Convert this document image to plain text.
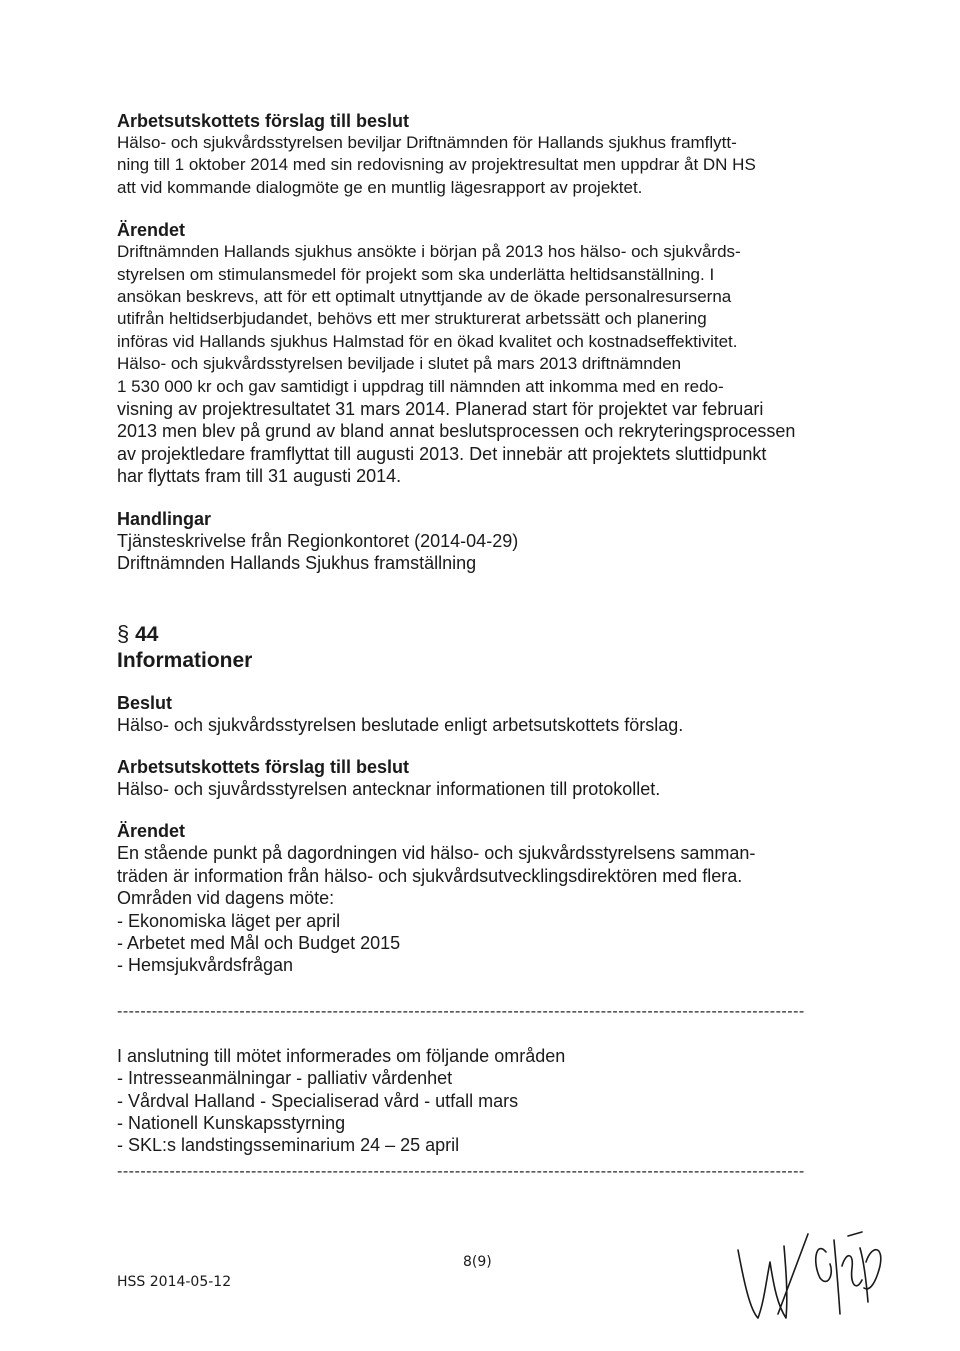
Arbetsutskottets förslag till beslut

Hälso- och sjukvårdsstyrelsen beviljar Driftnämnden för Hallands sjukhus framflytt-

ning till 1 oktober 2014 med sin redovisning av projektresultat men uppdrar åt DN HS

att vid kommande dialogmöte ge en muntlig lägesrapport av projektet.

Ärendet

Driftnämnden Hallands sjukhus ansökte i början på 2013 hos hälso- och sjukvårds-

styrelsen om stimulansmedel för projekt som ska underlätta heltidsanställning. I

ansökan beskrevs, att för ett optimalt utnyttjande av de ökade personalresurserna

utifrån heltidserbjudandet, behövs ett mer strukturerat arbetssätt och planering

införas vid Hallands sjukhus Halmstad för en ökad kvalitet och kostnadseffektivitet.

Hälso- och sjukvårdsstyrelsen beviljade i slutet på mars 2013 driftnämnden

1 530 000 kr och gav samtidigt i uppdrag till nämnden att inkomma med en redo-

visning av projektresultatet 31 mars 2014. Planerad start för projektet var februari

2013 men blev på grund av bland annat beslutsprocessen och rekryteringsprocessen

av projektledare framflyttat till augusti 2013. Det innebär att projektets sluttidpunkt

har flyttats fram till 31 augusti 2014.

Handlingar

Tjänsteskrivelse från Regionkontoret (2014-04-29)

Driftnämnden Hallands Sjukhus framställning

§ 44

Informationer

Beslut

Hälso- och sjukvårdsstyrelsen beslutade enligt arbetsutskottets förslag.

Arbetsutskottets förslag till beslut

Hälso- och sjuvårdsstyrelsen antecknar informationen till protokollet.

Ärendet

En stående punkt på dagordningen vid hälso- och sjukvårdsstyrelsens samman-

träden är information från hälso- och sjukvårdsutvecklingsdirektören med flera.

Områden vid dagens möte:

- Ekonomiska läget per april

- Arbetet med Mål och Budget 2015

- Hemsjukvårdsfrågan

----------------------------------------------------------------------------------------------------------------------

I anslutning till mötet informerades om följande områden

- Intresseanmälningar - palliativ vårdenhet

- Vårdval Halland - Specialiserad vård - utfall mars

- Nationell Kunskapsstyrning

- SKL:s landstingsseminarium 24 – 25 april

----------------------------------------------------------------------------------------------------------------------

8(9)
HSS 2014-05-12
